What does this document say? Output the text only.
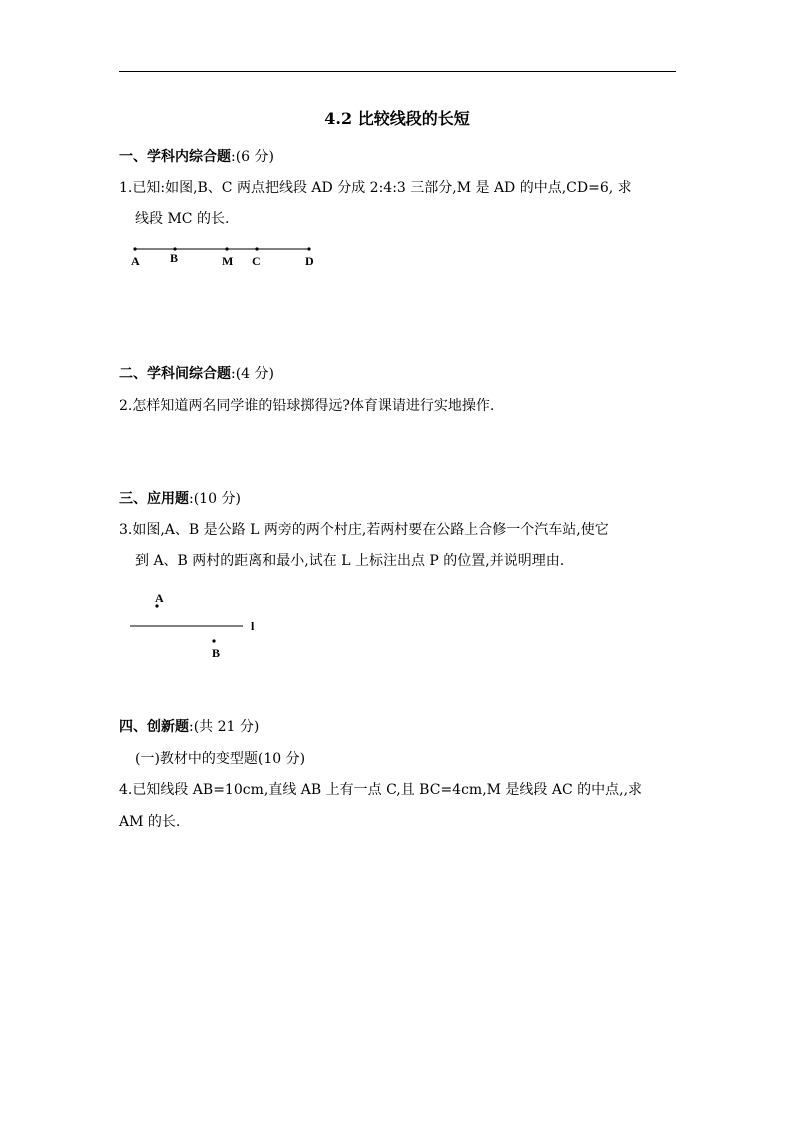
4.2 比较线段的长短
一、学科内综合题:(6 分)
1.已知:如图,B、C 两点把线段 AD 分成 2:4:3 三部分,M 是 AD 的中点,CD=6, 求
线段 MC 的长.
A	B	M C	D
二、学科间综合题:(4 分)
2.怎样知道两名同学谁的铅球掷得远?体育课请进行实地操作.
三、应用题:(10 分)
3.如图,A、B 是公路 L 两旁的两个村庄,若两村要在公路上合修一个汽车站,使它
到 A、B 两村的距离和最小,试在 L 上标注出点 P 的位置,并说明理由.
A
l
B
四、创新题:(共 21 分)
(一)教材中的变型题(10 分)
4.已知线段 AB=10cm,直线 AB 上有一点 C,且 BC=4cm,M 是线段 AC 的中点,,求
AM 的长.
